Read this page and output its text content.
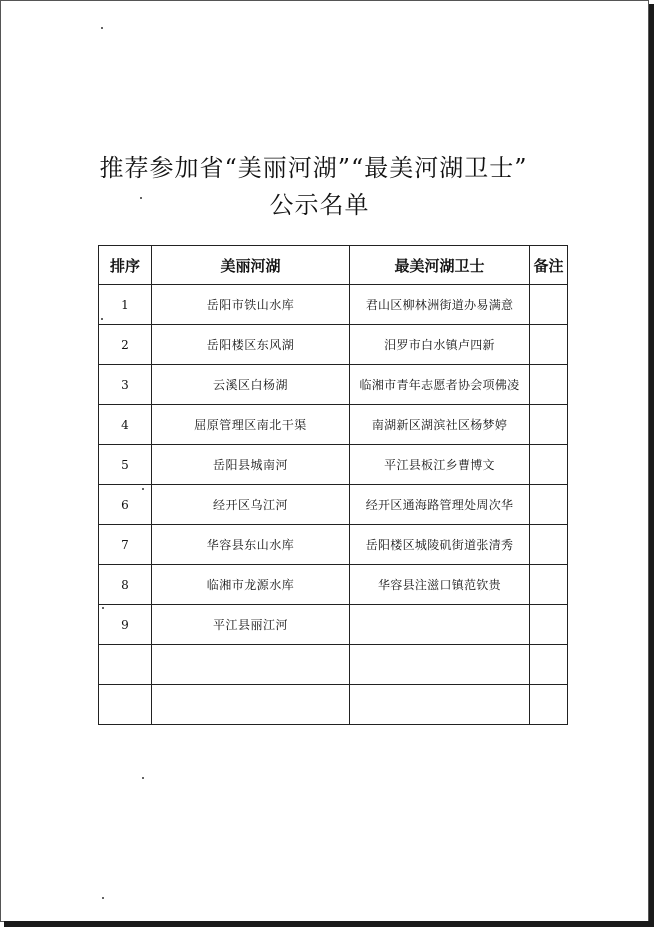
推荐参加省“美丽河湖”“最美河湖卫士”
公示名单
排序	美丽河湖	最美河湖卫士	备注
1	岳阳市铁山水库	君山区柳林洲街道办易满意	
2	岳阳楼区东风湖	汨罗市白水镇卢四新	
3	云溪区白杨湖	临湘市青年志愿者协会项佛凌	
4	屈原管理区南北干渠	南湖新区湖滨社区杨梦婷	
5	岳阳县城南河	平江县板江乡曹博文	
6	经开区乌江河	经开区通海路管理处周次华	
7	华容县东山水库	岳阳楼区城陵矶街道张清秀	
8	临湘市龙源水库	华容县注滋口镇范钦贵	
9	平江县丽江河		
